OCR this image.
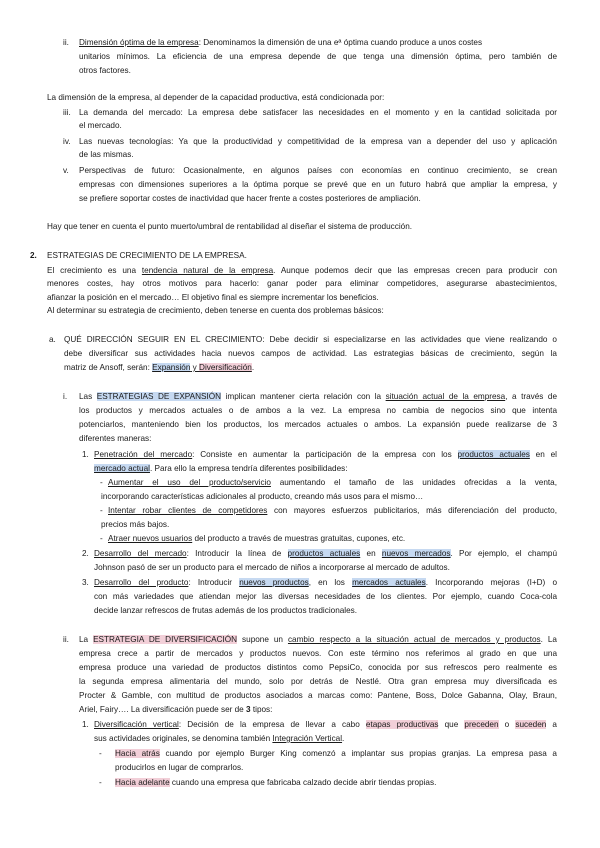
ii. Dimensión óptima de la empresa: Denominamos la dimensión de una eª óptima cuando produce a unos costes
unitarios mínimos. La eficiencia de una empresa depende de que tenga una dimensión óptima, pero también de
otros factores.
La dimensión de la empresa, al depender de la capacidad productiva, está condicionada por:
iii. La demanda del mercado: La empresa debe satisfacer las necesidades en el momento y en la cantidad solicitada por
el mercado.
iv. Las nuevas tecnologías: Ya que la productividad y competitividad de la empresa van a depender del uso y aplicación
de las mismas.
v. Perspectivas de futuro: Ocasionalmente, en algunos países con economías en continuo crecimiento, se crean
empresas con dimensiones superiores a la óptima porque se prevé que en un futuro habrá que ampliar la empresa, y
se prefiere soportar costes de inactividad que hacer frente a costes posteriores de ampliación.
Hay que tener en cuenta el punto muerto/umbral de rentabilidad al diseñar el sistema de producción.
2. ESTRATEGIAS DE CRECIMIENTO DE LA EMPRESA.
El crecimiento es una tendencia natural de la empresa. Aunque podemos decir que las empresas crecen para producir con
menores costes, hay otros motivos para hacerlo: ganar poder para eliminar competidores, asegurarse abastecimientos,
afianzar la posición en el mercado… El objetivo final es siempre incrementar los beneficios.
Al determinar su estrategia de crecimiento, deben tenerse en cuenta dos problemas básicos:
a. QUÉ DIRECCIÓN SEGUIR EN EL CRECIMIENTO: Debe decidir si especializarse en las actividades que viene realizando o
debe diversificar sus actividades hacia nuevos campos de actividad. Las estrategias básicas de crecimiento, según la
matriz de Ansoff, serán: Expansión y Diversificación.
i. Las ESTRATEGIAS DE EXPANSIÓN implican mantener cierta relación con la situación actual de la empresa, a través de
los productos y mercados actuales o de ambos a la vez. La empresa no cambia de negocios sino que intenta
potenciarlos, manteniendo bien los productos, los mercados actuales o ambos. La expansión puede realizarse de 3
diferentes maneras:
1. Penetración del mercado: Consiste en aumentar la participación de la empresa con los productos actuales en el
mercado actual. Para ello la empresa tendría diferentes posibilidades:
- Aumentar el uso del producto/servicio aumentando el tamaño de las unidades ofrecidas a la venta,
incorporando características adicionales al producto, creando más usos para el mismo…
- Intentar robar clientes de competidores con mayores esfuerzos publicitarios, más diferenciación del producto,
precios más bajos.
- Atraer nuevos usuarios del producto a través de muestras gratuitas, cupones, etc.
2. Desarrollo del mercado: Introducir la línea de productos actuales en nuevos mercados. Por ejemplo, el champú
Johnson pasó de ser un producto para el mercado de niños a incorporarse al mercado de adultos.
3. Desarrollo del producto: Introducir nuevos productos, en los mercados actuales. Incorporando mejoras (I+D) o
con más variedades que atiendan mejor las diversas necesidades de los clientes. Por ejemplo, cuando Coca-cola
decide lanzar refrescos de frutas además de los productos tradicionales.
ii. La ESTRATEGIA DE DIVERSIFICACIÓN supone un cambio respecto a la situación actual de mercados y productos. La
empresa crece a partir de mercados y productos nuevos. Con este término nos referimos al grado en que una
empresa produce una variedad de productos distintos como PepsiCo, conocida por sus refrescos pero realmente es
la segunda empresa alimentaria del mundo, solo por detrás de Nestlé. Otra gran empresa muy diversificada es
Procter & Gamble, con multitud de productos asociados a marcas como: Pantene, Boss, Dolce Gabanna, Olay, Braun,
Ariel, Fairy…. La diversificación puede ser de 3 tipos:
1. Diversificación vertical: Decisión de la empresa de llevar a cabo etapas productivas que preceden o suceden a
sus actividades originales, se denomina también Integración Vertical.
- Hacia atrás cuando por ejemplo Burger King comenzó a implantar sus propias granjas. La empresa pasa a
producirlos en lugar de comprarlos.
- Hacia adelante cuando una empresa que fabricaba calzado decide abrir tiendas propias.
